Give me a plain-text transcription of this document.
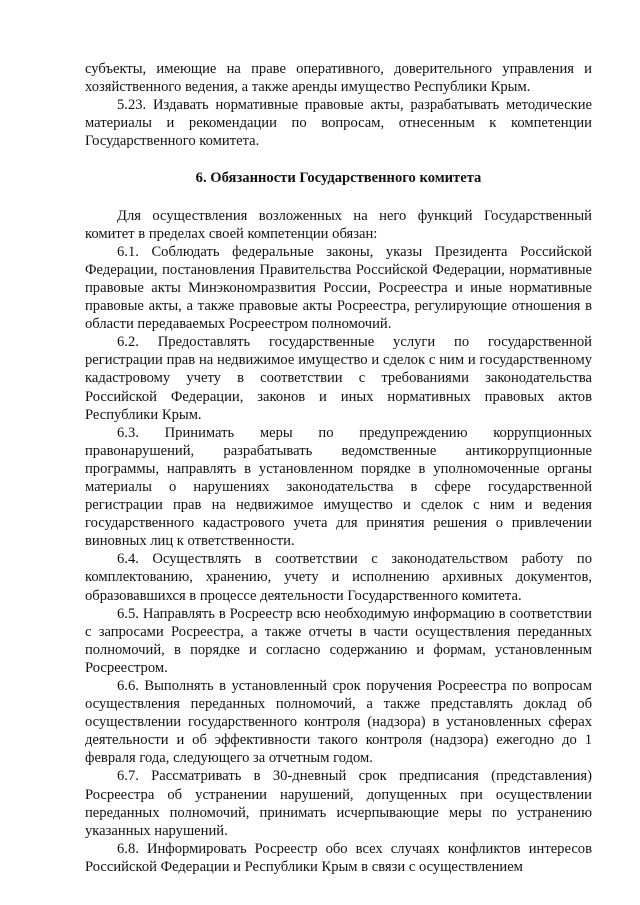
субъекты, имеющие на праве оперативного, доверительного управления и хозяйственного ведения, а также аренды имущество Республики Крым.

5.23. Издавать нормативные правовые акты, разрабатывать методические материалы и рекомендации по вопросам, отнесенным к компетенции Государственного комитета.

6. Обязанности Государственного комитета

Для осуществления возложенных на него функций Государственный комитет в пределах своей компетенции обязан:

6.1. Соблюдать федеральные законы, указы Президента Российской Федерации, постановления Правительства Российской Федерации, нормативные правовые акты Минэкономразвития России, Росреестра и иные нормативные правовые акты, а также правовые акты Росреестра, регулирующие отношения в области передаваемых Росреестром полномочий.

6.2. Предоставлять государственные услуги по государственной регистрации прав на недвижимое имущество и сделок с ним и государственному кадастровому учету в соответствии с требованиями законодательства Российской Федерации, законов и иных нормативных правовых актов Республики Крым.

6.3. Принимать меры по предупреждению коррупционных правонарушений, разрабатывать ведомственные антикоррупционные программы, направлять в установленном порядке в уполномоченные органы материалы о нарушениях законодательства в сфере государственной регистрации прав на недвижимое имущество и сделок с ним и ведения государственного кадастрового учета для принятия решения о привлечении виновных лиц к ответственности.

6.4. Осуществлять в соответствии с законодательством работу по комплектованию, хранению, учету и исполнению архивных документов, образовавшихся в процессе деятельности Государственного комитета.

6.5. Направлять в Росреестр всю необходимую информацию в соответствии с запросами Росреестра, а также отчеты в части осуществления переданных полномочий, в порядке и согласно содержанию и формам, установленным Росреестром.

6.6. Выполнять в установленный срок поручения Росреестра по вопросам осуществления переданных полномочий, а также представлять доклад об осуществлении государственного контроля (надзора) в установленных сферах деятельности и об эффективности такого контроля (надзора) ежегодно до 1 февраля года, следующего за отчетным годом.

6.7. Рассматривать в 30-дневный срок предписания (представления) Росреестра об устранении нарушений, допущенных при осуществлении переданных полномочий, принимать исчерпывающие меры по устранению указанных нарушений.

6.8. Информировать Росреестр обо всех случаях конфликтов интересов Российской Федерации и Республики Крым в связи с осуществлением
